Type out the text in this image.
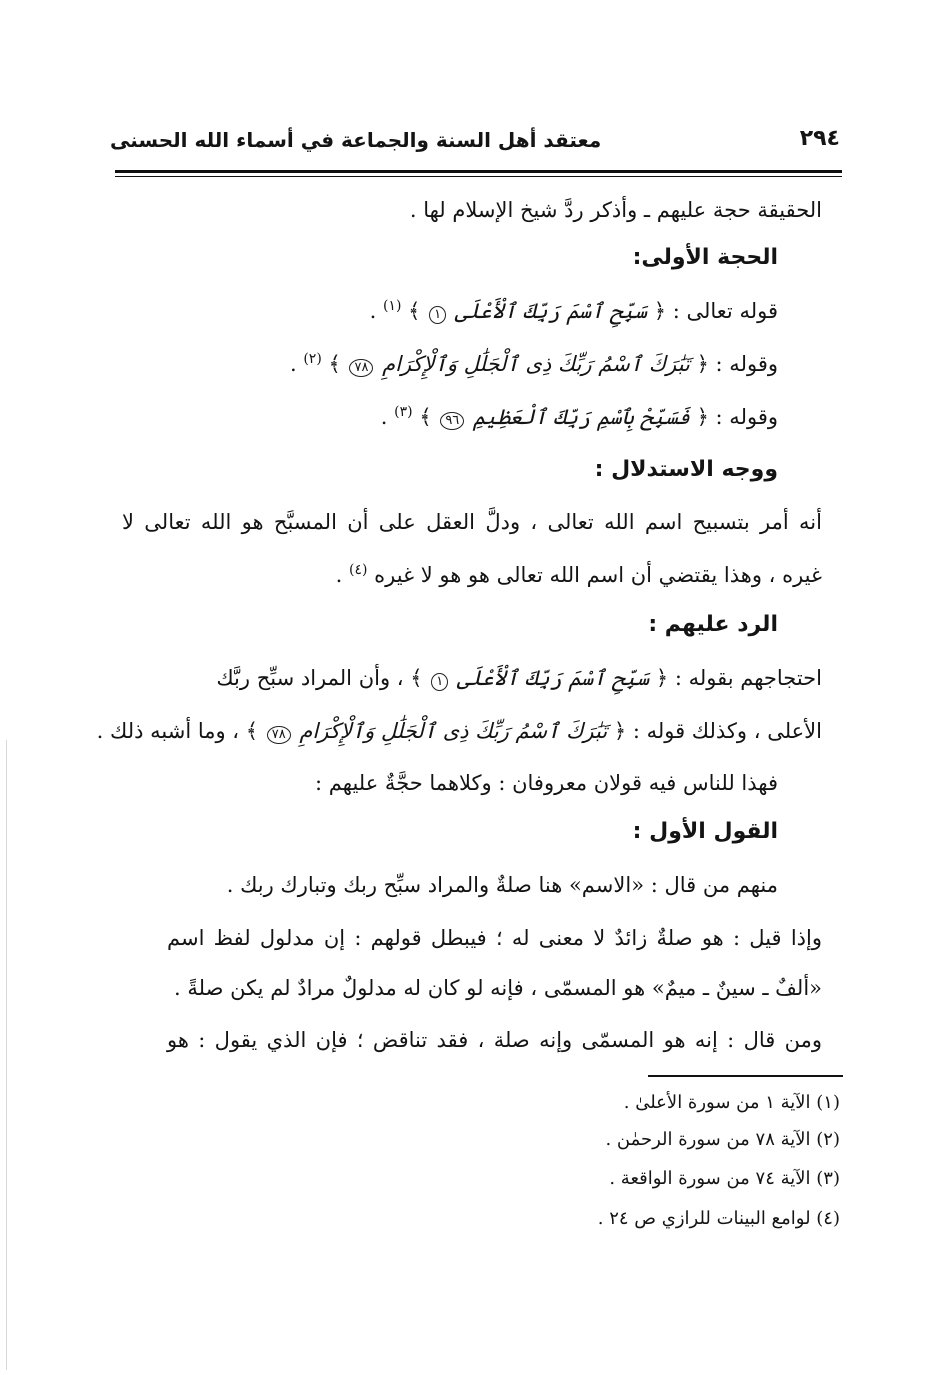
٢٩٤
معتقد أهل السنة والجماعة في أسماء الله الحسنى
الحقيقة حجة عليهم ـ وأذكر ردَّ شيخ الإسلام لها .
الحجة الأولى:
قوله تعالى : ﴿ سَبِّحِ ٱسْمَ رَبِّكَ ٱلْأَعْلَى ١ ﴾ $^{(١)}$ .
وقوله : ﴿ تَبَٰرَكَ ٱسْمُ رَبِّكَ ذِى ٱلْجَلَٰلِ وَٱلْإِكْرَامِ ٧٨ ﴾ $^{(٢)}$ .
وقوله : ﴿ فَسَبِّحْ بِٱسْمِ رَبِّكَ ٱلْعَظِيمِ ٩٦ ﴾ $^{(٣)}$ .
ووجه الاستدلال :
أنه أمر بتسبيح اسم الله تعالى ، ودلَّ العقل على أن المسبَّح هو الله تعالى لا
غيره ، وهذا يقتضي أن اسم الله تعالى هو هو لا غيره $^{(٤)}$ .
الرد عليهم :
احتجاجهم بقوله : ﴿ سَبِّحِ ٱسْمَ رَبِّكَ ٱلْأَعْلَى ١ ﴾ ، وأن المراد سبِّح ربَّك
الأعلى ، وكذلك قوله : ﴿ تَبَٰرَكَ ٱسْمُ رَبِّكَ ذِى ٱلْجَلَٰلِ وَٱلْإِكْرَامِ ٧٨ ﴾ ، وما أشبه ذلك .
فهذا للناس فيه قولان معروفان : وكلاهما حجَّةٌ عليهم :
القول الأول :
منهم من قال : «الاسم» هنا صلةٌ والمراد سبِّح ربك وتبارك ربك .
وإذا قيل : هو صلةٌ زائدٌ لا معنى له ؛ فيبطل قولهم : إن مدلول لفظ اسم
«ألفٌ ـ سينٌ ـ ميمٌ» هو المسمّى ، فإنه لو كان له مدلولٌ مرادٌ لم يكن صلةً .
ومن قال : إنه هو المسمّى وإنه صلة ، فقد تناقض ؛ فإن الذي يقول : هو
(١) الآية ١ من سورة الأعلىٰ .
(٢) الآية ٧٨ من سورة الرحمٰن .
(٣) الآية ٧٤ من سورة الواقعة .
(٤) لوامع البينات للرازي ص ٢٤ .
